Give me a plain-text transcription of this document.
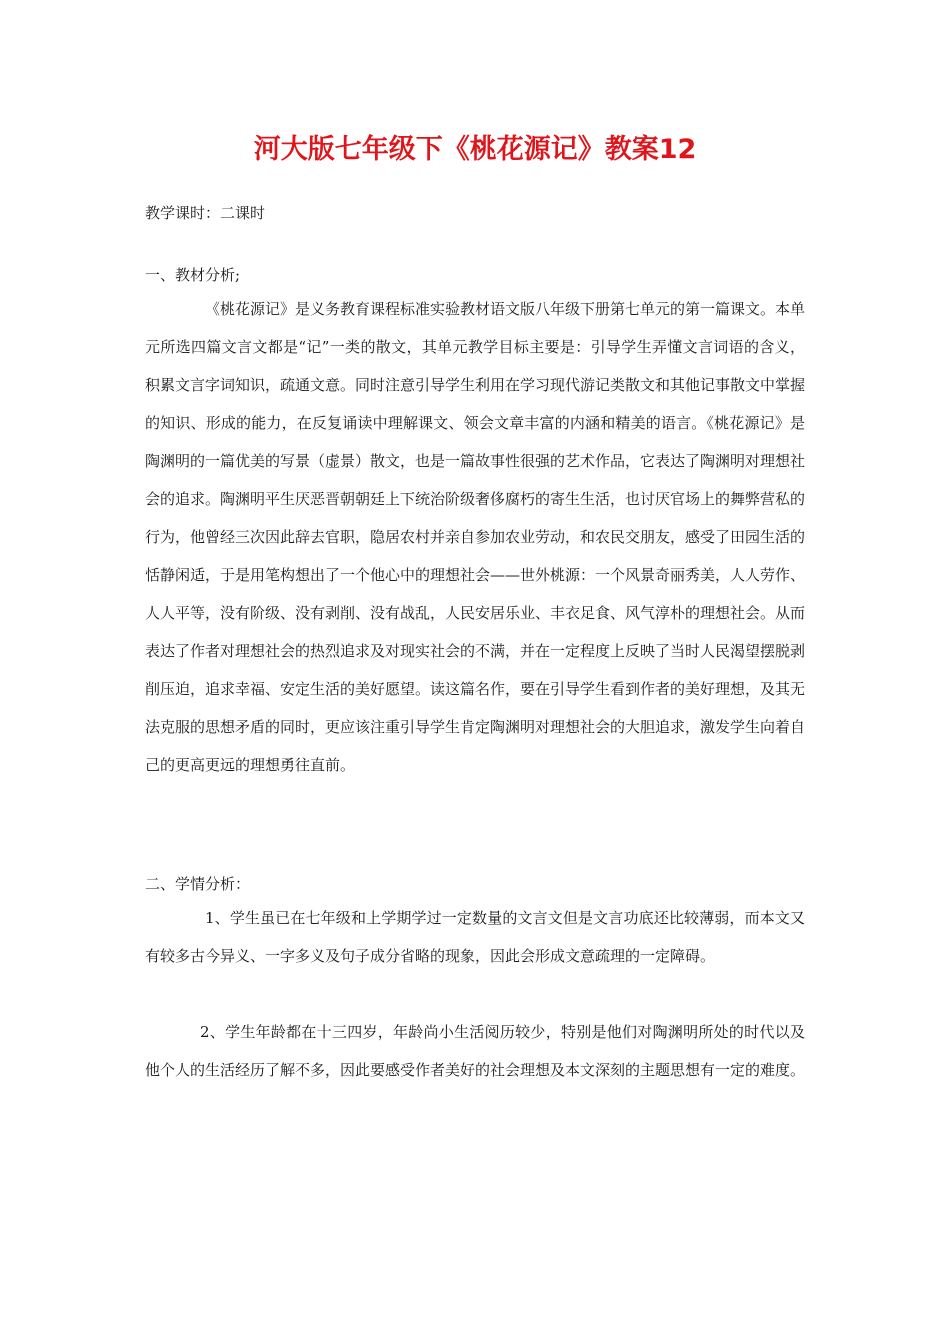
河大版七年级下《桃花源记》教案12

教学课时：二课时

一、教材分析;

《桃花源记》是义务教育课程标准实验教材语文版八年级下册第七单元的第一篇课文。本单元所选四篇文言文都是“记”一类的散文，其单元教学目标主要是：引导学生弄懂文言词语的含义，积累文言字词知识，疏通文意。同时注意引导学生利用在学习现代游记类散文和其他记事散文中掌握的知识、形成的能力，在反复诵读中理解课文、领会文章丰富的内涵和精美的语言。《桃花源记》是陶渊明的一篇优美的写景（虚景）散文，也是一篇故事性很强的艺术作品，它表达了陶渊明对理想社会的追求。陶渊明平生厌恶晋朝朝廷上下统治阶级奢侈腐朽的寄生生活，也讨厌官场上的舞弊营私的行为，他曾经三次因此辞去官职，隐居农村并亲自参加农业劳动，和农民交朋友，感受了田园生活的恬静闲适，于是用笔构想出了一个他心中的理想社会——世外桃源：一个风景奇丽秀美，人人劳作、人人平等，没有阶级、没有剥削、没有战乱，人民安居乐业、丰衣足食、风气淳朴的理想社会。从而表达了作者对理想社会的热烈追求及对现实社会的不满，并在一定程度上反映了当时人民渴望摆脱剥削压迫，追求幸福、安定生活的美好愿望。读这篇名作，要在引导学生看到作者的美好理想，及其无法克服的思想矛盾的同时，更应该注重引导学生肯定陶渊明对理想社会的大胆追求，激发学生向着自己的更高更远的理想勇往直前。

二、学情分析：

1、学生虽已在七年级和上学期学过一定数量的文言文但是文言功底还比较薄弱，而本文又有较多古今异义、一字多义及句子成分省略的现象，因此会形成文意疏理的一定障碍。

2、学生年龄都在十三四岁，年龄尚小生活阅历较少，特别是他们对陶渊明所处的时代以及他个人的生活经历了解不多，因此要感受作者美好的社会理想及本文深刻的主题思想有一定的难度。
